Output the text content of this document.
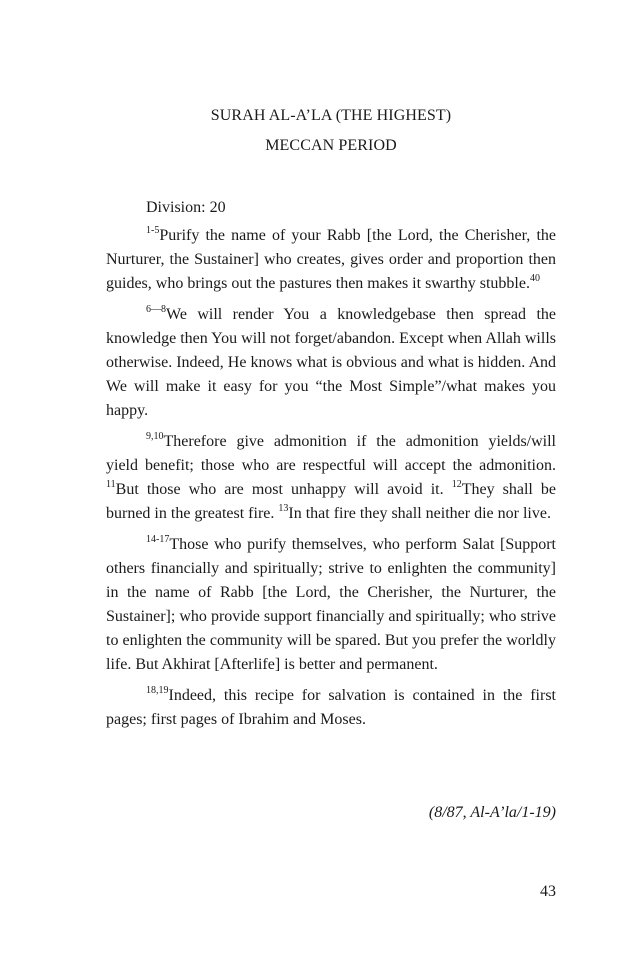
SURAH AL-A’LA (THE HIGHEST)
MECCAN PERIOD

Division: 20

$^{1-5}$Purify the name of your Rabb [the Lord, the Cherisher, the Nurturer, the Sustainer] who creates, gives order and proportion then guides, who brings out the pastures then makes it swarthy stubble.$^{40}$

$^{6—8}$We will render You a knowledgebase then spread the knowledge then You will not forget/abandon. Except when Allah wills otherwise. Indeed, He knows what is obvious and what is hidden. And We will make it easy for you “the Most Simple”/what makes you happy.

$^{9,10}$Therefore give admonition if the admonition yields/will yield benefit; those who are respectful will accept the admonition. $^{11}$But those who are most unhappy will avoid it. $^{12}$They shall be burned in the greatest fire. $^{13}$In that fire they shall neither die nor live.

$^{14-17}$Those who purify themselves, who perform Salat [Support others financially and spiritually; strive to enlighten the community] in the name of Rabb [the Lord, the Cherisher, the Nurturer, the Sustainer]; who provide support financially and spiritually; who strive to enlighten the community will be spared. But you prefer the worldly life. But Akhirat [Afterlife] is better and permanent.

$^{18,19}$Indeed, this recipe for salvation is contained in the first pages; first pages of Ibrahim and Moses.

(8/87, Al-A’la/1-19)

43
